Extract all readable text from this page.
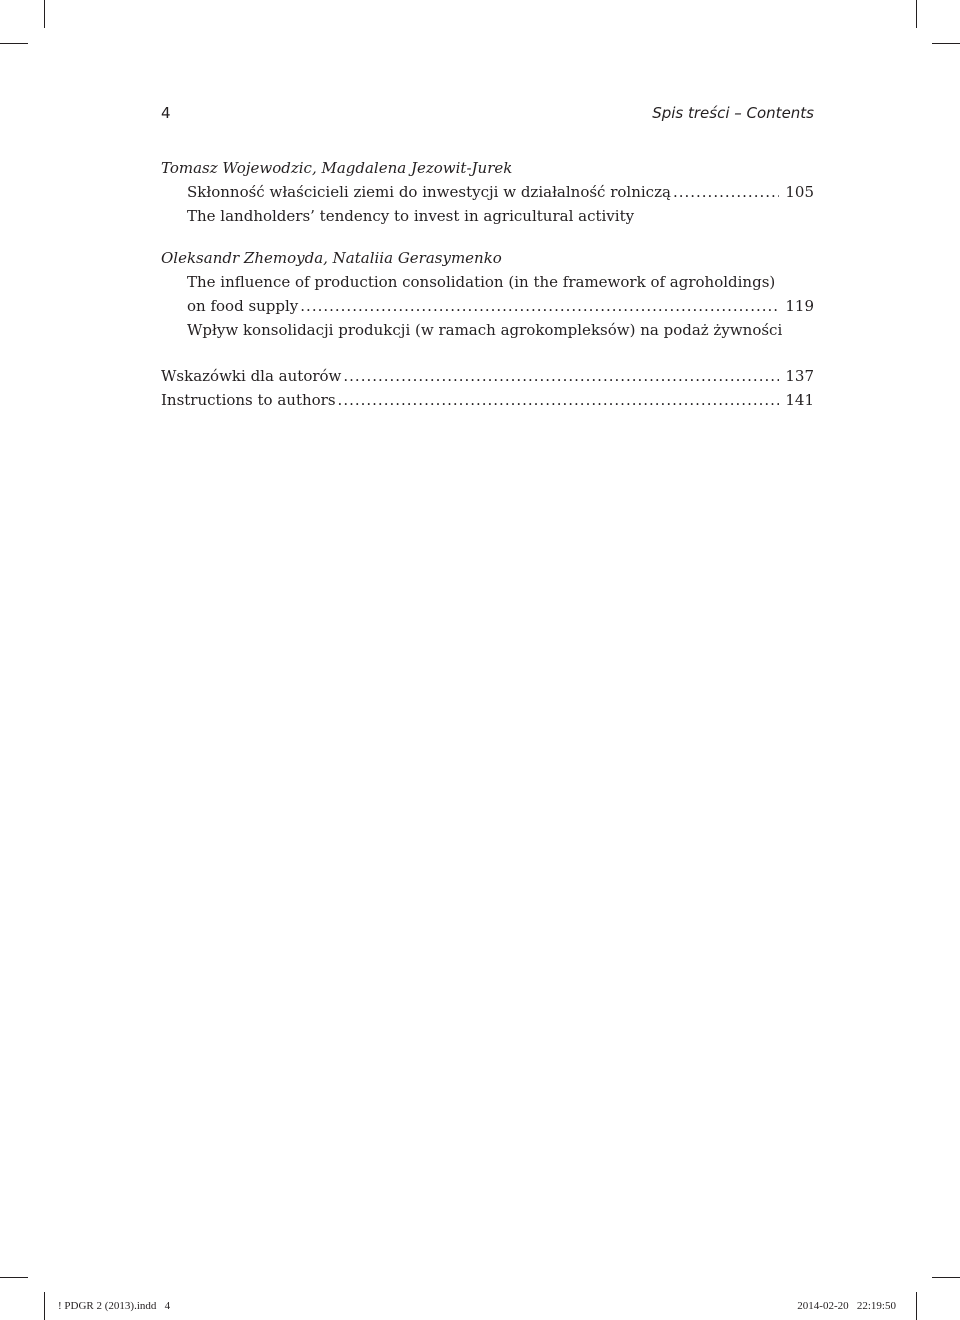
4	Spis treści – Contents
Tomasz Wojewodzic, Magdalena Jezowit-Jurek
Skłonność właścicieli ziemi do inwestycji w działalność rolniczą .....	105
The landholders’ tendency to invest in agricultural activity
Oleksandr Zhemoyda, Nataliia Gerasymenko
The influence of production consolidation (in the framework of agroholdings)
on food supply .....	119
Wpływ konsolidacji produkcji (w ramach agrokompleksów) na podaż żywności
Wskazówki dla autorów .....	137
Instructions to authors .....	141
! PDGR 2 (2013).indd   4	2014-02-20   22:19:50
